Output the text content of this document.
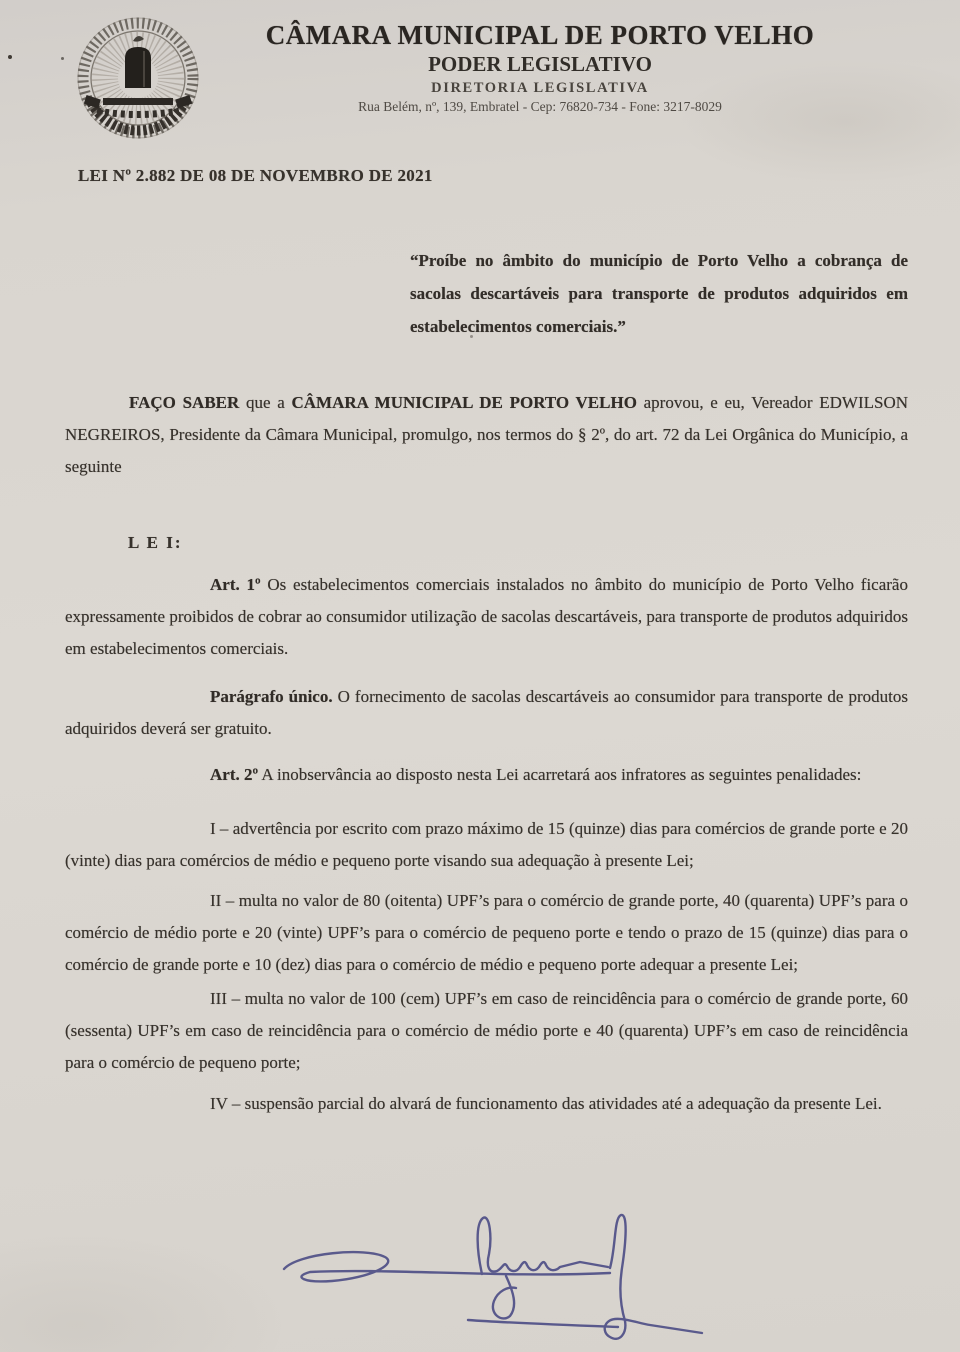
CÂMARA MUNICIPAL DE PORTO VELHO
PODER LEGISLATIVO
DIRETORIA LEGISLATIVA
Rua Belém, nº, 139, Embratel - Cep: 76820-734 - Fone: 3217-8029

LEI Nº 2.882 DE 08 DE NOVEMBRO DE 2021

“Proíbe no âmbito do município de Porto Velho a cobrança de sacolas descartáveis para transporte de produtos adquiridos em estabelecimentos comerciais.”

FAÇO SABER que a CÂMARA MUNICIPAL DE PORTO VELHO aprovou, e eu, Vereador EDWILSON NEGREIROS, Presidente da Câmara Municipal, promulgo, nos termos do § 2º, do art. 72 da Lei Orgânica do Município, a seguinte

L E I:

Art. 1º Os estabelecimentos comerciais instalados no âmbito do município de Porto Velho ficarão expressamente proibidos de cobrar ao consumidor utilização de sacolas descartáveis, para transporte de produtos adquiridos em estabelecimentos comerciais.

Parágrafo único. O fornecimento de sacolas descartáveis ao consumidor para transporte de produtos adquiridos deverá ser gratuito.

Art. 2º A inobservância ao disposto nesta Lei acarretará aos infratores as seguintes penalidades:

I – advertência por escrito com prazo máximo de 15 (quinze) dias para comércios de grande porte e 20 (vinte) dias para comércios de médio e pequeno porte visando sua adequação à presente Lei;

II – multa no valor de 80 (oitenta) UPF’s para o comércio de grande porte, 40 (quarenta) UPF’s para o comércio de médio porte e 20 (vinte) UPF’s para o comércio de pequeno porte e tendo o prazo de 15 (quinze) dias para o comércio de grande porte e 10 (dez) dias para o comércio de médio e pequeno porte adequar a presente Lei;

III – multa no valor de 100 (cem) UPF’s em caso de reincidência para o comércio de grande porte, 60 (sessenta) UPF’s em caso de reincidência para o comércio de médio porte e 40 (quarenta) UPF’s em caso de reincidência para o comércio de pequeno porte;

IV – suspensão parcial do alvará de funcionamento das atividades até a adequação da presente Lei.
